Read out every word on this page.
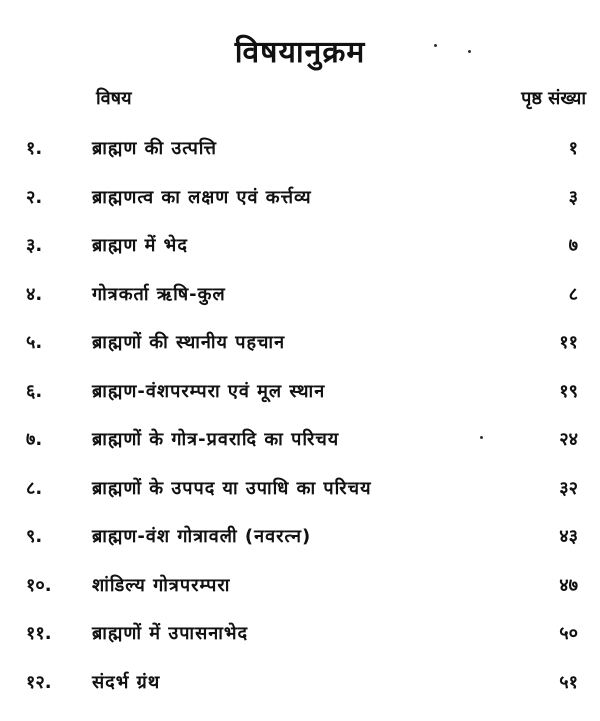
विषयानुक्रम
विषय	पृष्ठ संख्या
१.	ब्राह्मण की उत्पत्ति	१
२.	ब्राह्मणत्व का लक्षण एवं कर्त्तव्य	३
३.	ब्राह्मण में भेद	७
४.	गोत्रकर्ता ऋषि-कुल	८
५.	ब्राह्मणों की स्थानीय पहचान	११
६.	ब्राह्मण-वंशपरम्परा एवं मूल स्थान	१९
७.	ब्राह्मणों के गोत्र-प्रवरादि का परिचय	२४
८.	ब्राह्मणों के उपपद या उपाधि का परिचय	३२
९.	ब्राह्मण-वंश गोत्रावली (नवरत्न)	४३
१०. शांडिल्य गोत्रपरम्परा	४७
११. ब्राह्मणों में उपासनाभेद	५०
१२. संदर्भ ग्रंथ	५१
